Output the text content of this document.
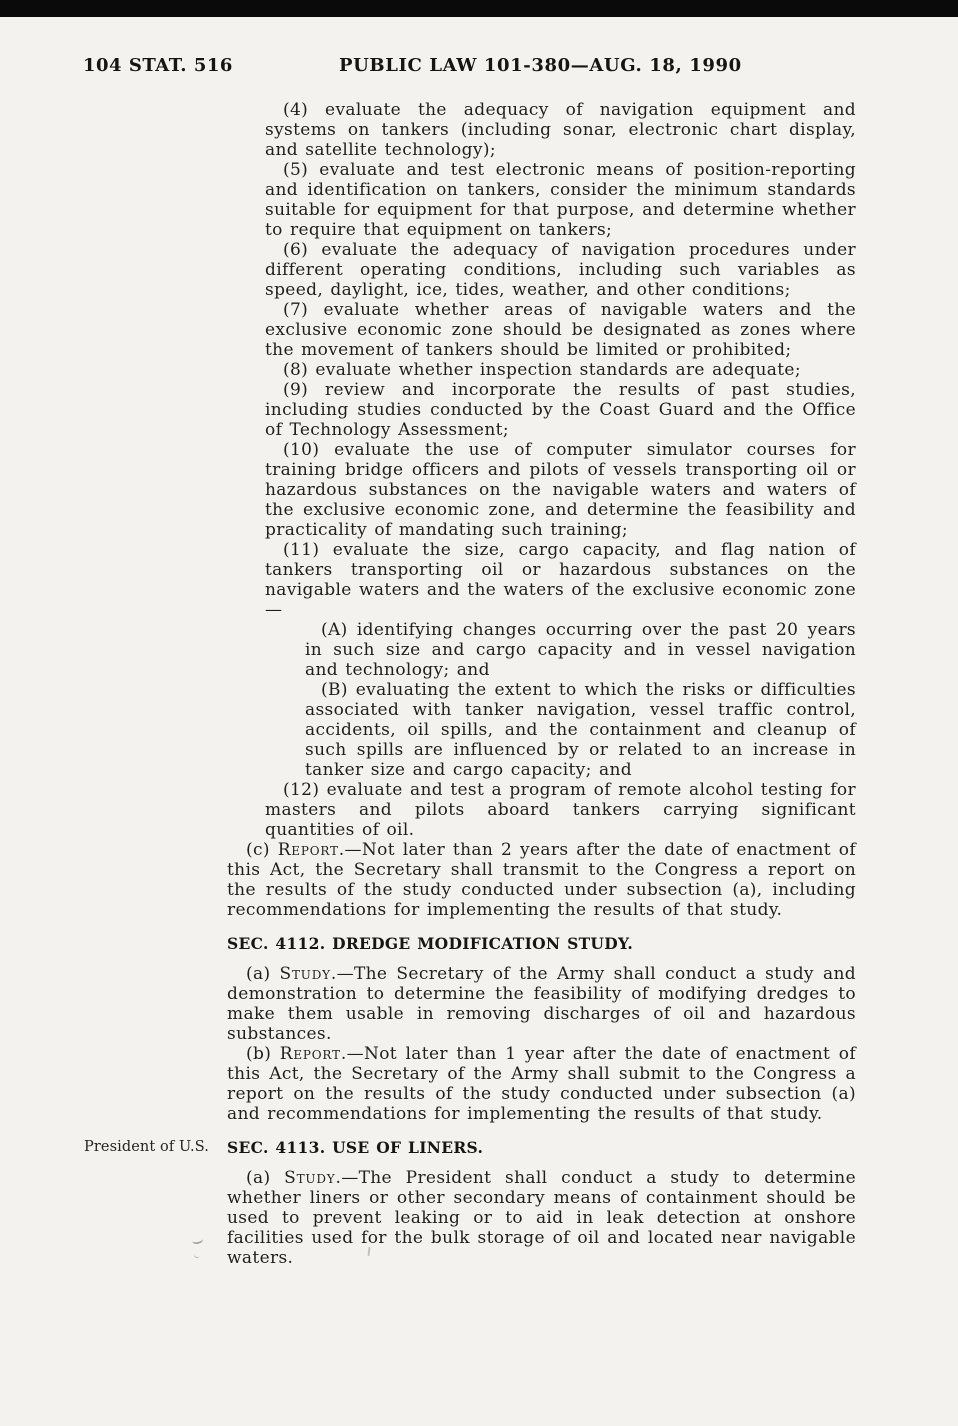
104 STAT. 516	PUBLIC LAW 101-380—AUG. 18, 1990

(4) evaluate the adequacy of navigation equipment and systems on tankers (including sonar, electronic chart display, and satellite technology);

(5) evaluate and test electronic means of position-reporting and identification on tankers, consider the minimum standards suitable for equipment for that purpose, and determine whether to require that equipment on tankers;

(6) evaluate the adequacy of navigation procedures under different operating conditions, including such variables as speed, daylight, ice, tides, weather, and other conditions;

(7) evaluate whether areas of navigable waters and the exclusive economic zone should be designated as zones where the movement of tankers should be limited or prohibited;

(8) evaluate whether inspection standards are adequate;

(9) review and incorporate the results of past studies, including studies conducted by the Coast Guard and the Office of Technology Assessment;

(10) evaluate the use of computer simulator courses for training bridge officers and pilots of vessels transporting oil or hazardous substances on the navigable waters and waters of the exclusive economic zone, and determine the feasibility and practicality of mandating such training;

(11) evaluate the size, cargo capacity, and flag nation of tankers transporting oil or hazardous substances on the navigable waters and the waters of the exclusive economic zone—

(A) identifying changes occurring over the past 20 years in such size and cargo capacity and in vessel navigation and technology; and

(B) evaluating the extent to which the risks or difficulties associated with tanker navigation, vessel traffic control, accidents, oil spills, and the containment and cleanup of such spills are influenced by or related to an increase in tanker size and cargo capacity; and

(12) evaluate and test a program of remote alcohol testing for masters and pilots aboard tankers carrying significant quantities of oil.

(c) Report.—Not later than 2 years after the date of enactment of this Act, the Secretary shall transmit to the Congress a report on the results of the study conducted under subsection (a), including recommendations for implementing the results of that study.

SEC. 4112. DREDGE MODIFICATION STUDY.

(a) Study.—The Secretary of the Army shall conduct a study and demonstration to determine the feasibility of modifying dredges to make them usable in removing discharges of oil and hazardous substances.

(b) Report.—Not later than 1 year after the date of enactment of this Act, the Secretary of the Army shall submit to the Congress a report on the results of the study conducted under subsection (a) and recommendations for implementing the results of that study.

President of U.S.	SEC. 4113. USE OF LINERS.

(a) Study.—The President shall conduct a study to determine whether liners or other secondary means of containment should be used to prevent leaking or to aid in leak detection at onshore facilities used for the bulk storage of oil and located near navigable waters.
